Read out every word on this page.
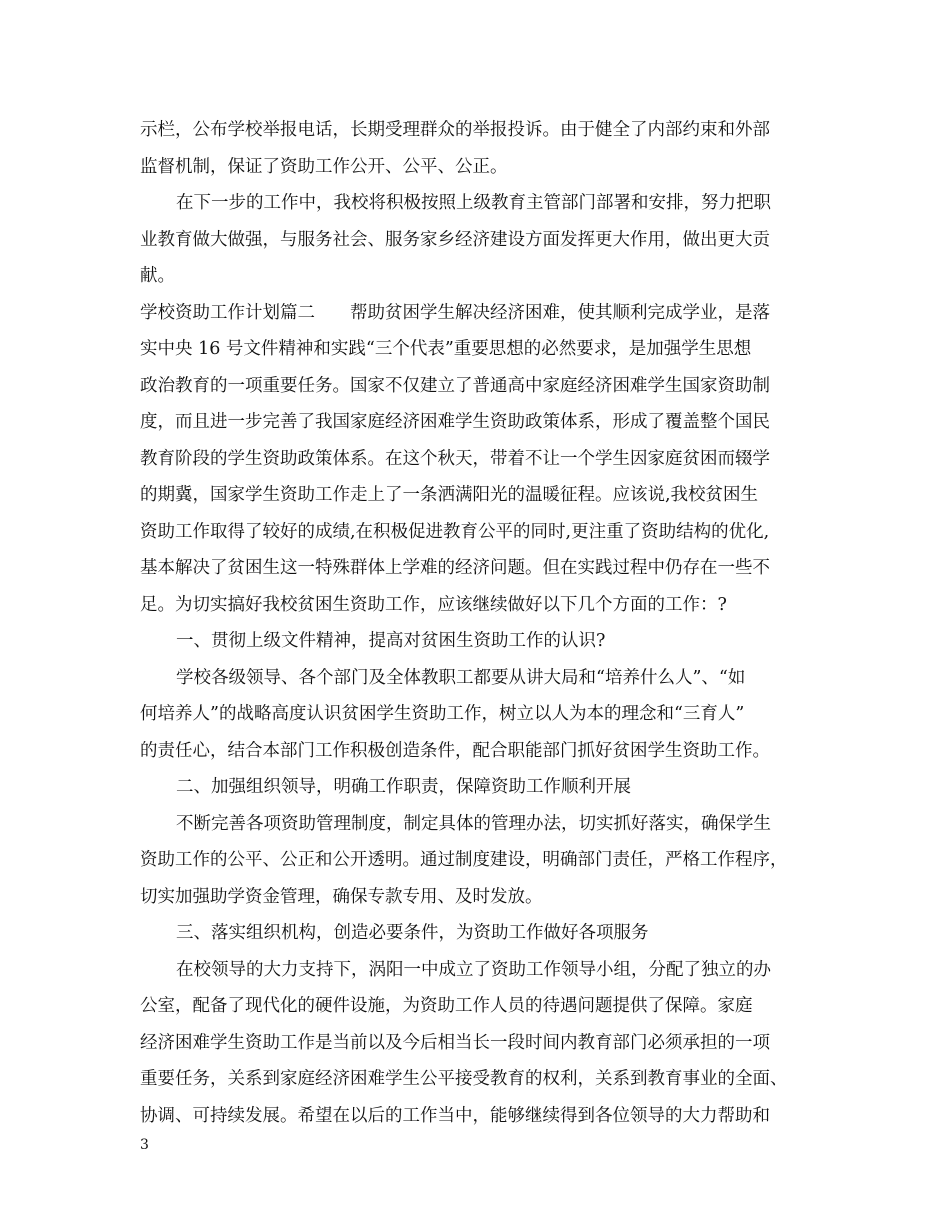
示栏，公布学校举报电话，长期受理群众的举报投诉。由于健全了内部约束和外部
监督机制，保证了资助工作公开、公平、公正。
在下一步的工作中，我校将积极按照上级教育主管部门部署和安排，努力把职
业教育做大做强，与服务社会、服务家乡经济建设方面发挥更大作用，做出更大贡
献。
学校资助工作计划篇二　　帮助贫困学生解决经济困难，使其顺利完成学业，是落
实中央 16 号文件精神和实践“三个代表”重要思想的必然要求，是加强学生思想
政治教育的一项重要任务。国家不仅建立了普通高中家庭经济困难学生国家资助制
度，而且进一步完善了我国家庭经济困难学生资助政策体系，形成了覆盖整个国民
教育阶段的学生资助政策体系。在这个秋天，带着不让一个学生因家庭贫困而辍学
的期冀，国家学生资助工作走上了一条洒满阳光的温暖征程。应该说,我校贫困生
资助工作取得了较好的成绩,在积极促进教育公平的同时,更注重了资助结构的优化,
基本解决了贫困生这一特殊群体上学难的经济问题。但在实践过程中仍存在一些不
足。为切实搞好我校贫困生资助工作，应该继续做好以下几个方面的工作：?
一、贯彻上级文件精神，提高对贫困生资助工作的认识?
学校各级领导、各个部门及全体教职工都要从讲大局和“培养什么人”、“如
何培养人”的战略高度认识贫困学生资助工作，树立以人为本的理念和“三育人”
的责任心，结合本部门工作积极创造条件，配合职能部门抓好贫困学生资助工作。
二、加强组织领导，明确工作职责，保障资助工作顺利开展
不断完善各项资助管理制度，制定具体的管理办法，切实抓好落实，确保学生
资助工作的公平、公正和公开透明。通过制度建设，明确部门责任，严格工作程序，
切实加强助学资金管理，确保专款专用、及时发放。
三、落实组织机构，创造必要条件，为资助工作做好各项服务
在校领导的大力支持下，涡阳一中成立了资助工作领导小组，分配了独立的办
公室，配备了现代化的硬件设施，为资助工作人员的待遇问题提供了保障。家庭
经济困难学生资助工作是当前以及今后相当长一段时间内教育部门必须承担的一项
重要任务，关系到家庭经济困难学生公平接受教育的权利，关系到教育事业的全面、
协调、可持续发展。希望在以后的工作当中，能够继续得到各位领导的大力帮助和
3
